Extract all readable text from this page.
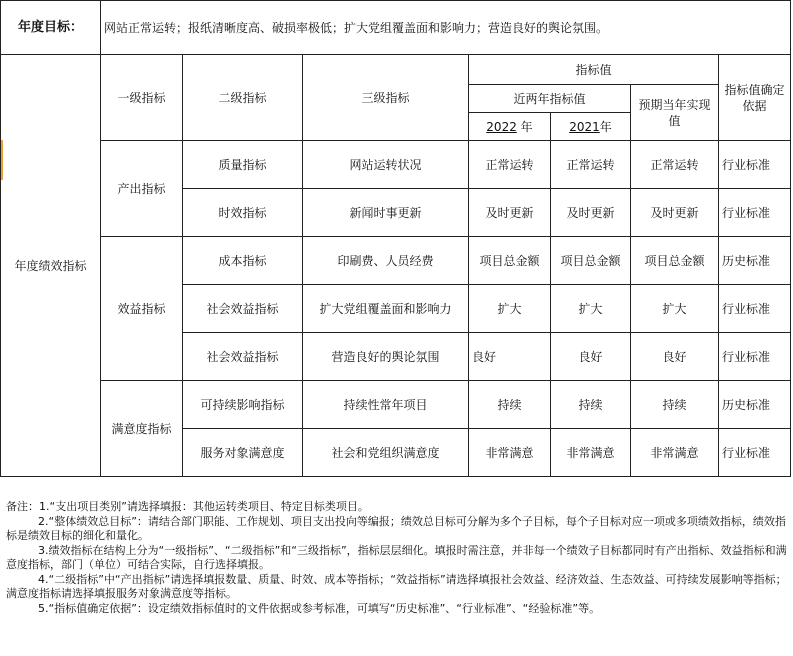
年度目标：	网站正常运转；报纸清晰度高、破损率极低；扩大党组覆盖面和影响力；营造良好的舆论氛围。						
年度绩效指标	一级指标	二级指标	三级指标	指标值			指标值确定依据
				近两年指标值		预期当年实现值	
				2022 年	2021年		
	产出指标	质量指标	网站运转状况	正常运转	正常运转	正常运转	行业标准
		时效指标	新闻时事更新	及时更新	及时更新	及时更新	行业标准
	效益指标	成本指标	印刷费、人员经费	项目总金额	项目总金额	项目总金额	历史标准
		社会效益指标	扩大党组覆盖面和影响力	扩大	扩大	扩大	行业标准
		社会效益指标	营造良好的舆论氛围	良好	良好	良好	行业标准
	满意度指标	可持续影响指标	持续性常年项目	持续	持续	持续	历史标准
		服务对象满意度	社会和党组织满意度	非常满意	非常满意	非常满意	行业标准

备注：1.“支出项目类别”请选择填报：其他运转类项目、特定目标类项目。

2.“整体绩效总目标”：请结合部门职能、工作规划、项目支出投向等编报；绩效总目标可分解为多个子目标，每个子目标对应一项或多项绩效指标，绩效指标是绩效目标的细化和量化。

3.绩效指标在结构上分为“一级指标”、“二级指标”和“三级指标”，指标层层细化。填报时需注意，并非每一个绩效子目标都同时有产出指标、效益指标和满意度指标，部门（单位）可结合实际，自行选择填报。

4.“二级指标”中“产出指标”请选择填报数量、质量、时效、成本等指标；“效益指标”请选择填报社会效益、经济效益、生态效益、可持续发展影响等指标；满意度指标请选择填报服务对象满意度等指标。

5.“指标值确定依据”：设定绩效指标值时的文件依据或参考标准，可填写“历史标准”、“行业标准”、“经验标准”等。
